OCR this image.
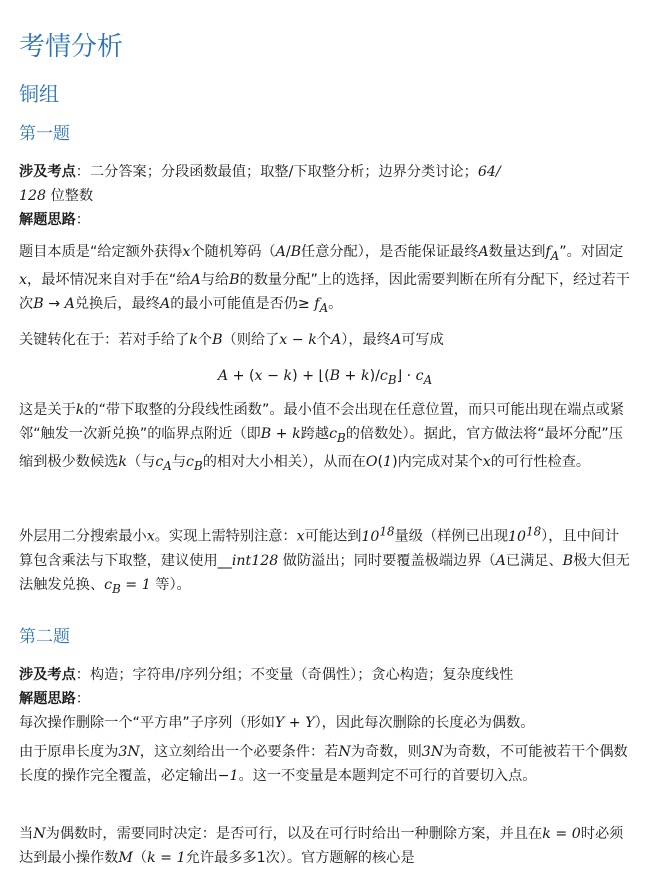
考情分析
铜组
第一题

涉及考点：二分答案；分段函数最值；取整/下取整分析；边界分类讨论；64/
128 位整数
解题思路：

题目本质是“给定额外获得x个随机筹码（A/B任意分配），是否能保证最终A数量达到$f_A$”。对固定x，最坏情况来自对手在“给A与给B的数量分配”上的选择，因此需要判断在所有分配下，经过若干次B → A兑换后，最终A的最小可能值是否仍≥ $f_A$。

关键转化在于：若对手给了k个B（则给了x − k个A），最终A可写成

A + (x − k) + ⌊(B + $k)/c_B⌋ \cdot c_A$

这是关于k的“带下取整的分段线性函数”。最小值不会出现在任意位置，而只可能出现在端点或紧邻“触发一次新兑换”的临界点附近（即B + k跨越$c_B$的倍数处）。据此，官方做法将“最坏分配”压缩到极少数候选k（与$c_A$与$c_B$的相对大小相关），从而在O(1)内完成对某个x的可行性检查。

外层用二分搜索最小x。实现上需特别注意：x可能达到$10^{18}$量级（样例已出现$10^{18}$），且中间计算包含乘法与下取整，建议使用__int128 做防溢出；同时要覆盖极端边界（A已满足、B极大但无法触发兑换、$c_B = 1$ 等）。

第二题

涉及考点：构造；字符串/序列分组；不变量（奇偶性）；贪心构造；复杂度线性
解题思路：

每次操作删除一个“平方串”子序列（形如Y + Y），因此每次删除的长度必为偶数。

由于原串长度为3N，这立刻给出一个必要条件：若N为奇数，则3N为奇数，不可能被若干个偶数长度的操作完全覆盖，必定输出−1。这一不变量是本题判定不可行的首要切入点。

当N为偶数时，需要同时决定：是否可行，以及在可行时给出一种删除方案，并且在k = 0时必须达到最小操作数M（k = 1允许最多多1次）。官方题解的核心是
